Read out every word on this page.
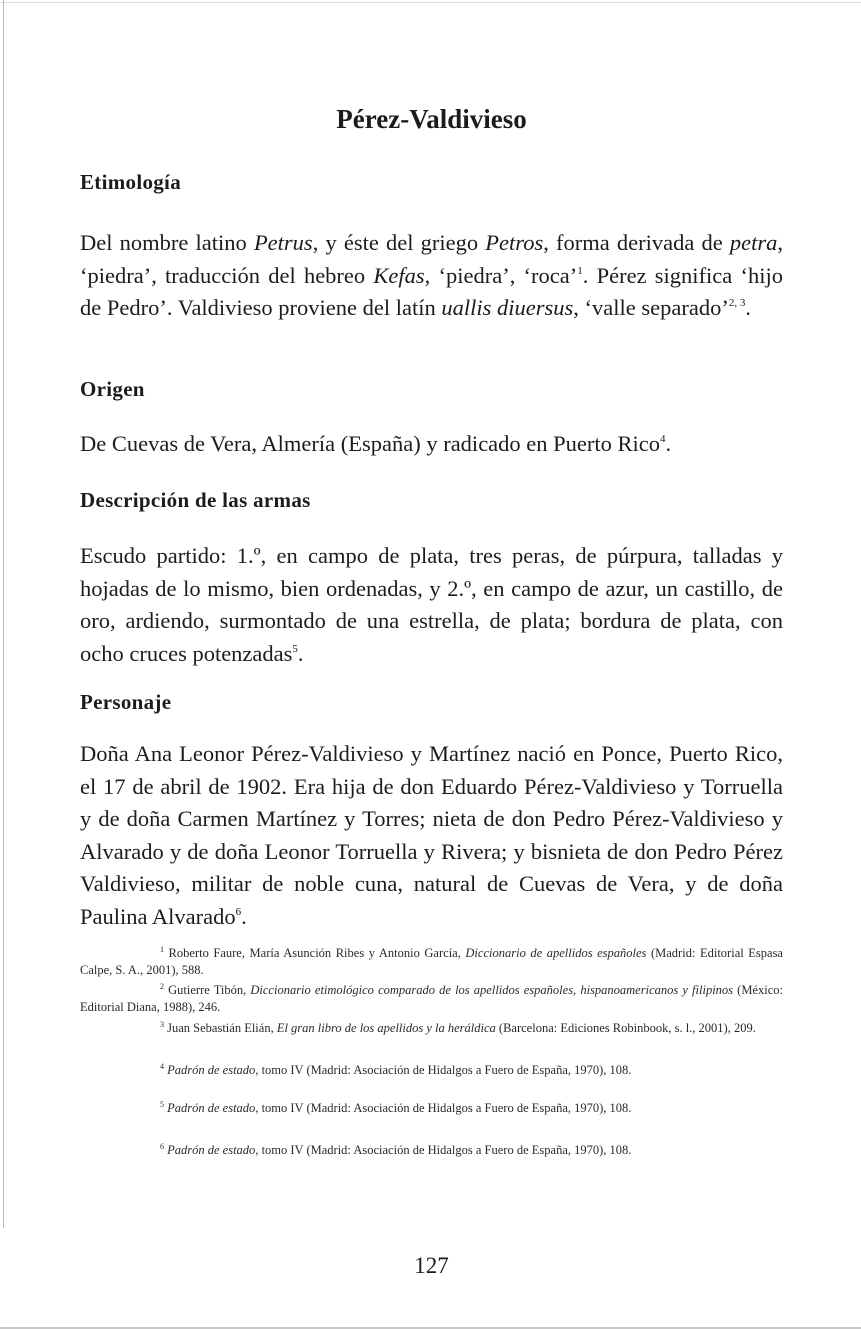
Pérez-Valdivieso
Etimología

Del nombre latino Petrus, y éste del griego Petros, forma derivada de petra, ‘piedra’, traducción del hebreo Kefas, ‘piedra’, ‘roca’$^1$. Pérez significa ‘hijo de Pedro’. Valdivieso proviene del latín uallis diuersus, ‘valle separado’$^{2, 3}$.

Origen

De Cuevas de Vera, Almería (España) y radicado en Puerto Rico$^4$.

Descripción de las armas

Escudo partido: 1.º, en campo de plata, tres peras, de púrpura, talladas y hojadas de lo mismo, bien ordenadas, y 2.º, en campo de azur, un castillo, de oro, ardiendo, surmontado de una estrella, de plata; bordura de plata, con ocho cruces potenzadas$^5$.

Personaje

Doña Ana Leonor Pérez-Valdivieso y Martínez nació en Ponce, Puerto Rico, el 17 de abril de 1902. Era hija de don Eduardo Pérez-Valdivieso y Torruella y de doña Carmen Martínez y Torres; nieta de don Pedro Pérez-Valdivieso y Alvarado y de doña Leonor Torruella y Rivera; y bisnieta de don Pedro Pérez Valdivieso, militar de noble cuna, natural de Cuevas de Vera, y de doña Paulina Alvarado$^6$.

$^1$ Roberto Faure, María Asunción Ribes y Antonio García, Diccionario de apellidos españoles (Madrid: Editorial Espasa Calpe, S. A., 2001), 588.

$^2$ Gutierre Tibón, Diccionario etimológico comparado de los apellidos españoles, hispanoamericanos y filipinos (México: Editorial Diana, 1988), 246.

$^3$ Juan Sebastián Elián, El gran libro de los apellidos y la heráldica (Barcelona: Ediciones Robinbook, s. l., 2001), 209.

$^4$ Padrón de estado, tomo IV (Madrid: Asociación de Hidalgos a Fuero de España, 1970), 108.

$^5$ Padrón de estado, tomo IV (Madrid: Asociación de Hidalgos a Fuero de España, 1970), 108.

$^6$ Padrón de estado, tomo IV (Madrid: Asociación de Hidalgos a Fuero de España, 1970), 108.

127
